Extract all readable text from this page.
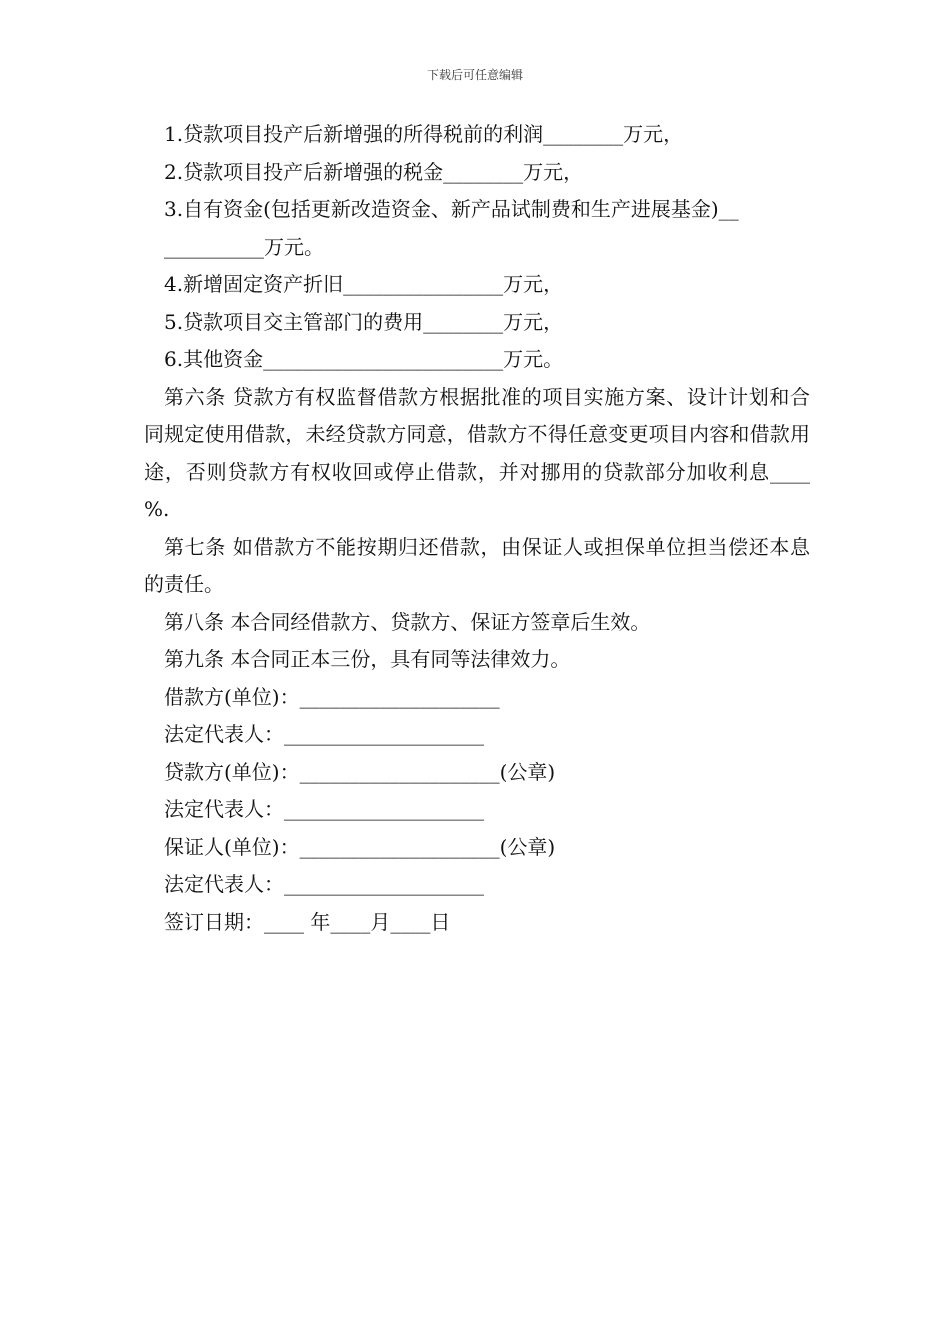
下载后可任意编辑

1.贷款项目投产后新增强的所得税前的利润________万元，

2.贷款项目投产后新增强的税金________万元，

3.自有资金(包括更新改造资金、新产品试制费和生产进展基金)__
__________万元。

4.新增固定资产折旧________________万元，

5.贷款项目交主管部门的费用________万元，

6.其他资金________________________万元。

第六条 贷款方有权监督借款方根据批准的项目实施方案、设计计划和合同规定使用借款，未经贷款方同意，借款方不得任意变更项目内容和借款用途，否则贷款方有权收回或停止借款，并对挪用的贷款部分加收利息____ %.

第七条 如借款方不能按期归还借款，由保证人或担保单位担当偿还本息的责任。

第八条 本合同经借款方、贷款方、保证方签章后生效。

第九条 本合同正本三份，具有同等法律效力。

借款方(单位)：____________________

法定代表人：____________________

贷款方(单位)：____________________(公章)

法定代表人：____________________

保证人(单位)：____________________(公章)

法定代表人：____________________

签订日期：____ 年____月____日
